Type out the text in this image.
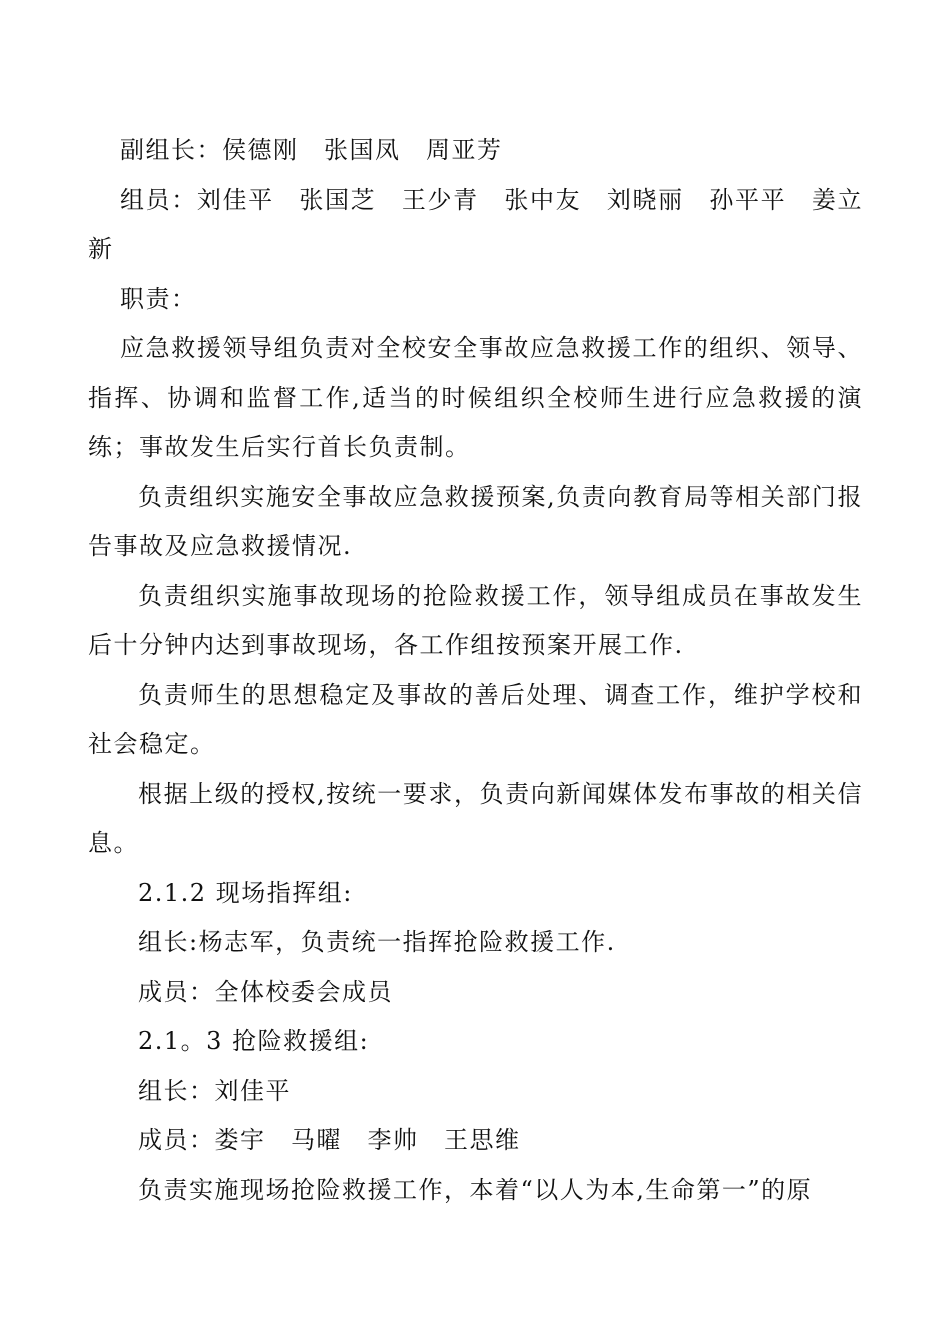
副组长：侯德刚　张国凤　周亚芳

组员：刘佳平　张国芝　王少青　张中友　刘晓丽　孙平平　姜立新

职责：

应急救援领导组负责对全校安全事故应急救援工作的组织、领导、指挥、协调和监督工作,适当的时候组织全校师生进行应急救援的演练；事故发生后实行首长负责制。

负责组织实施安全事故应急救援预案,负责向教育局等相关部门报告事故及应急救援情况.

负责组织实施事故现场的抢险救援工作，领导组成员在事故发生后十分钟内达到事故现场，各工作组按预案开展工作.

负责师生的思想稳定及事故的善后处理、调查工作，维护学校和社会稳定。

根据上级的授权,按统一要求，负责向新闻媒体发布事故的相关信息。

2.1.2 现场指挥组:

组长:杨志军，负责统一指挥抢险救援工作.

成员：全体校委会成员

2.1。3 抢险救援组:

组长：刘佳平

成员：娄宇　马曜　李帅　王思维

负责实施现场抢险救援工作，本着“以人为本,生命第一”的原
